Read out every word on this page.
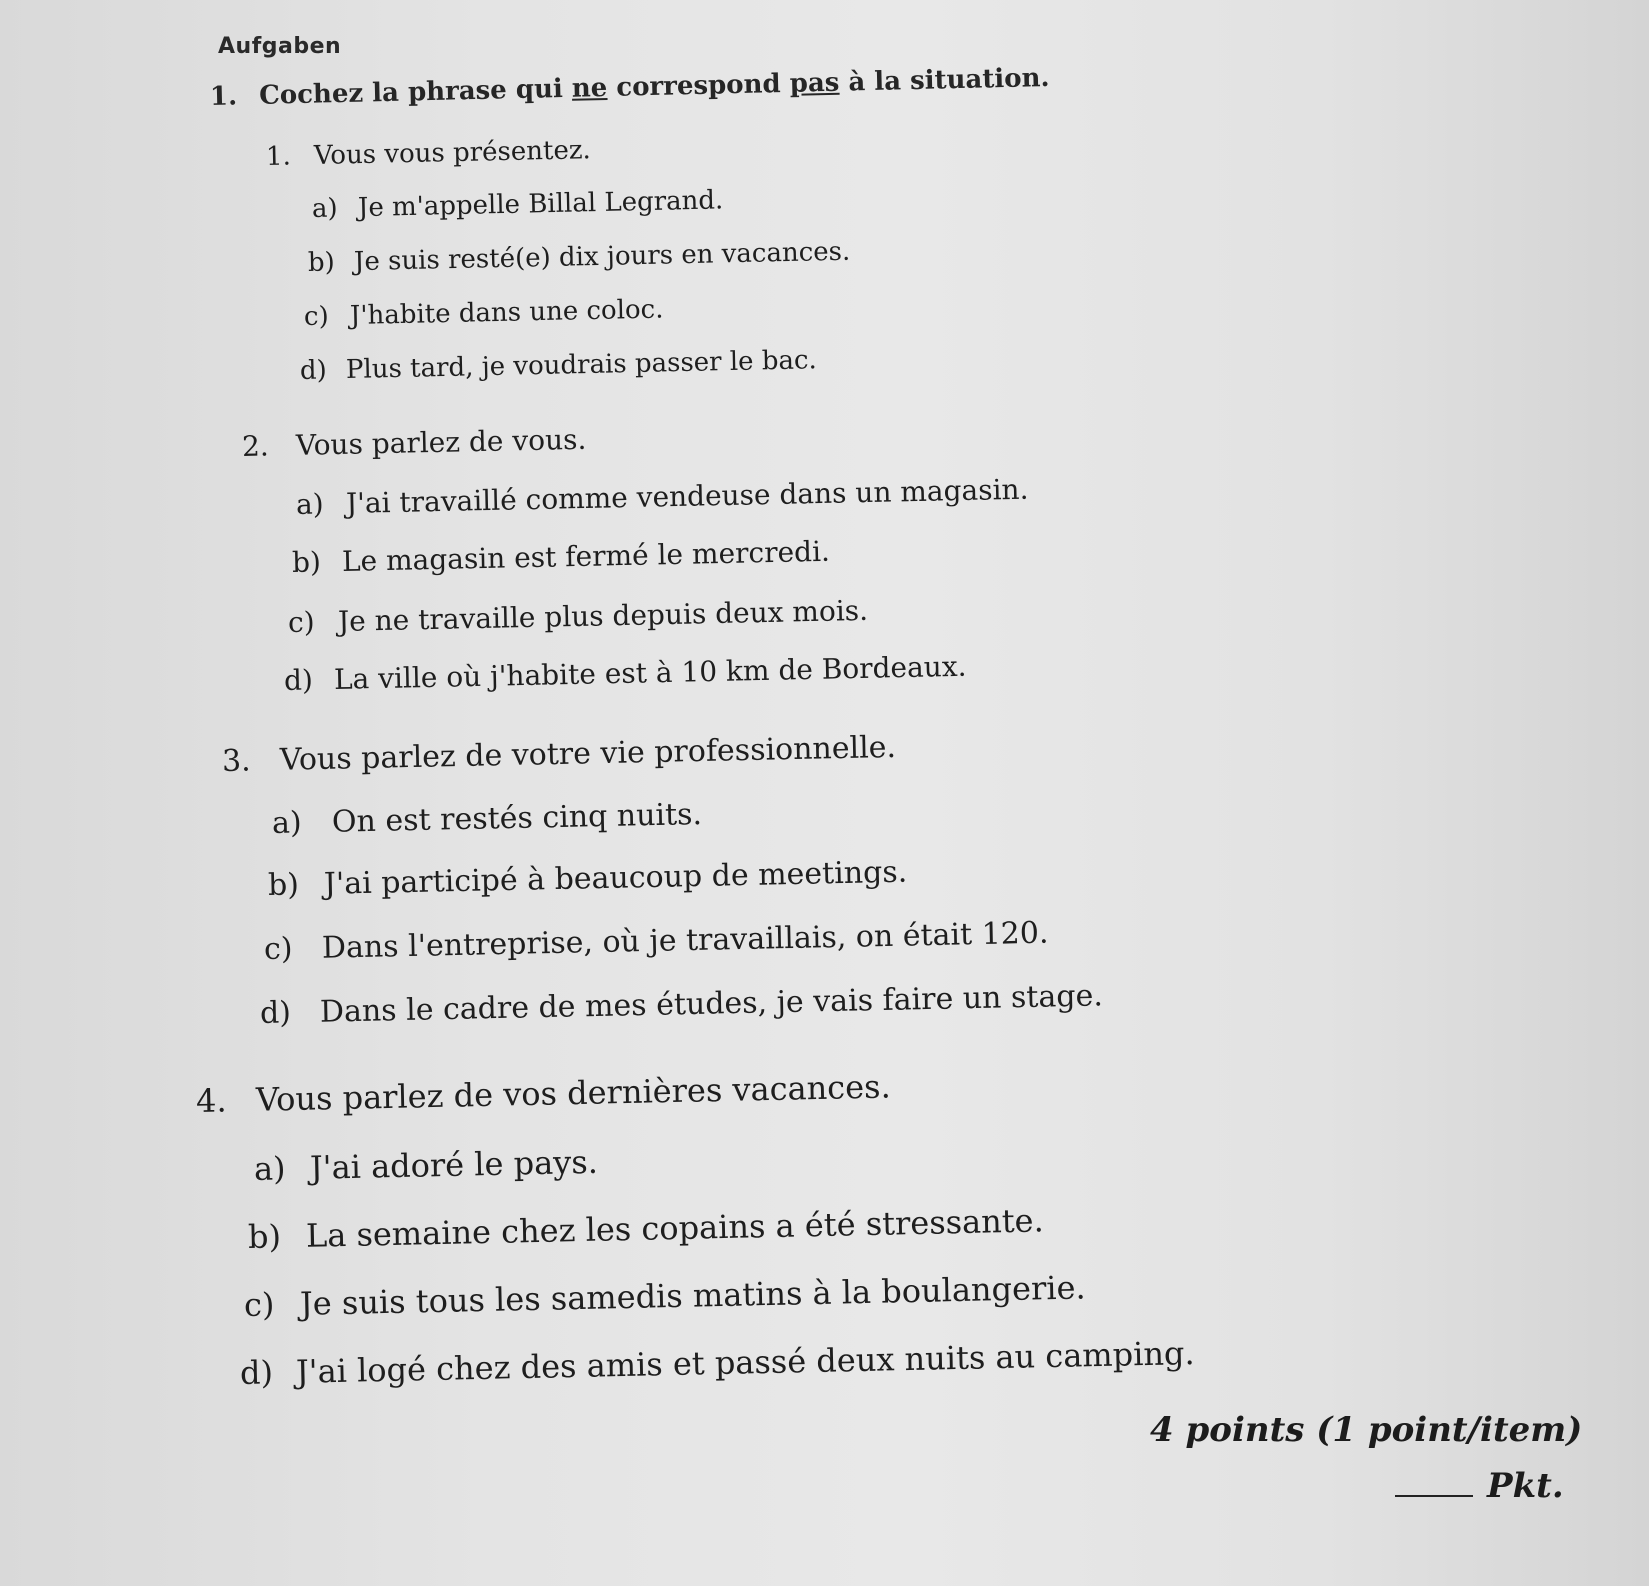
Aufgaben
1. Cochez la phrase qui ne correspond pas à la situation.
1. Vous vous présentez.
a) Je m'appelle Billal Legrand.
b) Je suis resté(e) dix jours en vacances.
c) J'habite dans une coloc.
d) Plus tard, je voudrais passer le bac.
2. Vous parlez de vous.
a) J'ai travaillé comme vendeuse dans un magasin.
b) Le magasin est fermé le mercredi.
c) Je ne travaille plus depuis deux mois.
d) La ville où j'habite est à 10 km de Bordeaux.
3. Vous parlez de votre vie professionnelle.
a) On est restés cinq nuits.
b) J'ai participé à beaucoup de meetings.
c) Dans l'entreprise, où je travaillais, on était 120.
d) Dans le cadre de mes études, je vais faire un stage.
4. Vous parlez de vos dernières vacances.
a) J'ai adoré le pays.
b) La semaine chez les copains a été stressante.
c) Je suis tous les samedis matins à la boulangerie.
d) J'ai logé chez des amis et passé deux nuits au camping.
4 points (1 point/item)
Pkt.
